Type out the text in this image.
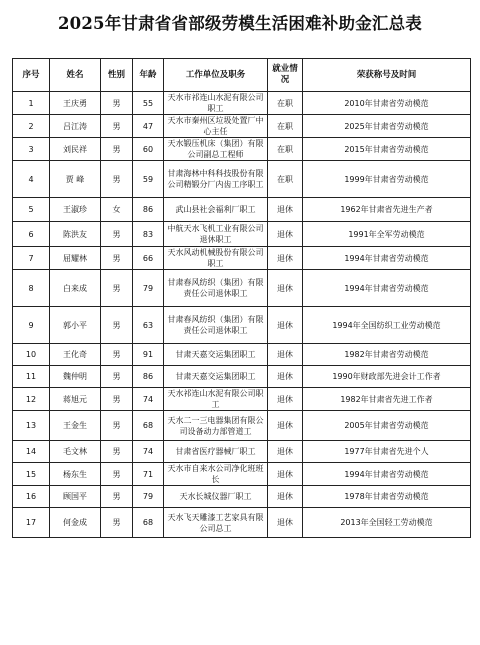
2025年甘肃省省部级劳模生活困难补助金汇总表
序号	姓名	性别	年龄	工作单位及职务	就业情况	荣获称号及时间
1	王庆勇	男	55	天水市祁连山水泥有限公司职工	在职	2010年甘肃省劳动模范
2	吕江涛	男	47	天水市秦州区垃圾处置厂中心主任	在职	2025年甘肃省劳动模范
3	刘民祥	男	60	天水锻压机床（集团）有限公司副总工程师	在职	2015年甘肃省劳动模范
4	贾 峰	男	59	甘肃海林中科科技股份有限公司精锻分厂内齿工序职工	在职	1999年甘肃省劳动模范
5	王淑珍	女	86	武山县社会福利厂职工	退休	1962年甘肃省先进生产者
6	陈洪友	男	83	中航天水飞机工业有限公司退休职工	退休	1991年全军劳动模范
7	屈耀林	男	66	天水风动机械股份有限公司职工	退休	1994年甘肃省劳动模范
8	白来成	男	79	甘肃春风纺织（集团）有限责任公司退休职工	退休	1994年甘肃省劳动模范
9	郭小平	男	63	甘肃春风纺织（集团）有限责任公司退休职工	退休	1994年全国纺织工业劳动模范
10	王化奇	男	91	甘肃天嘉交运集团职工	退休	1982年甘肃省劳动模范
11	魏仲明	男	86	甘肃天嘉交运集团职工	退休	1990年财政部先进会计工作者
12	蒋旭元	男	74	天水祁连山水泥有限公司职工	退休	1982年甘肃省先进工作者
13	王金生	男	68	天水二一三电器集团有限公司设备动力部管道工	退休	2005年甘肃省劳动模范
14	毛文林	男	74	甘肃省医疗器械厂职工	退休	1977年甘肃省先进个人
15	杨东生	男	71	天水市自来水公司净化班班长	退休	1994年甘肃省劳动模范
16	顾国平	男	79	天水长城仪器厂职工	退休	1978年甘肃省劳动模范
17	何金成	男	68	天水飞天雕漆工艺家具有限公司总工	退休	2013年全国轻工劳动模范
